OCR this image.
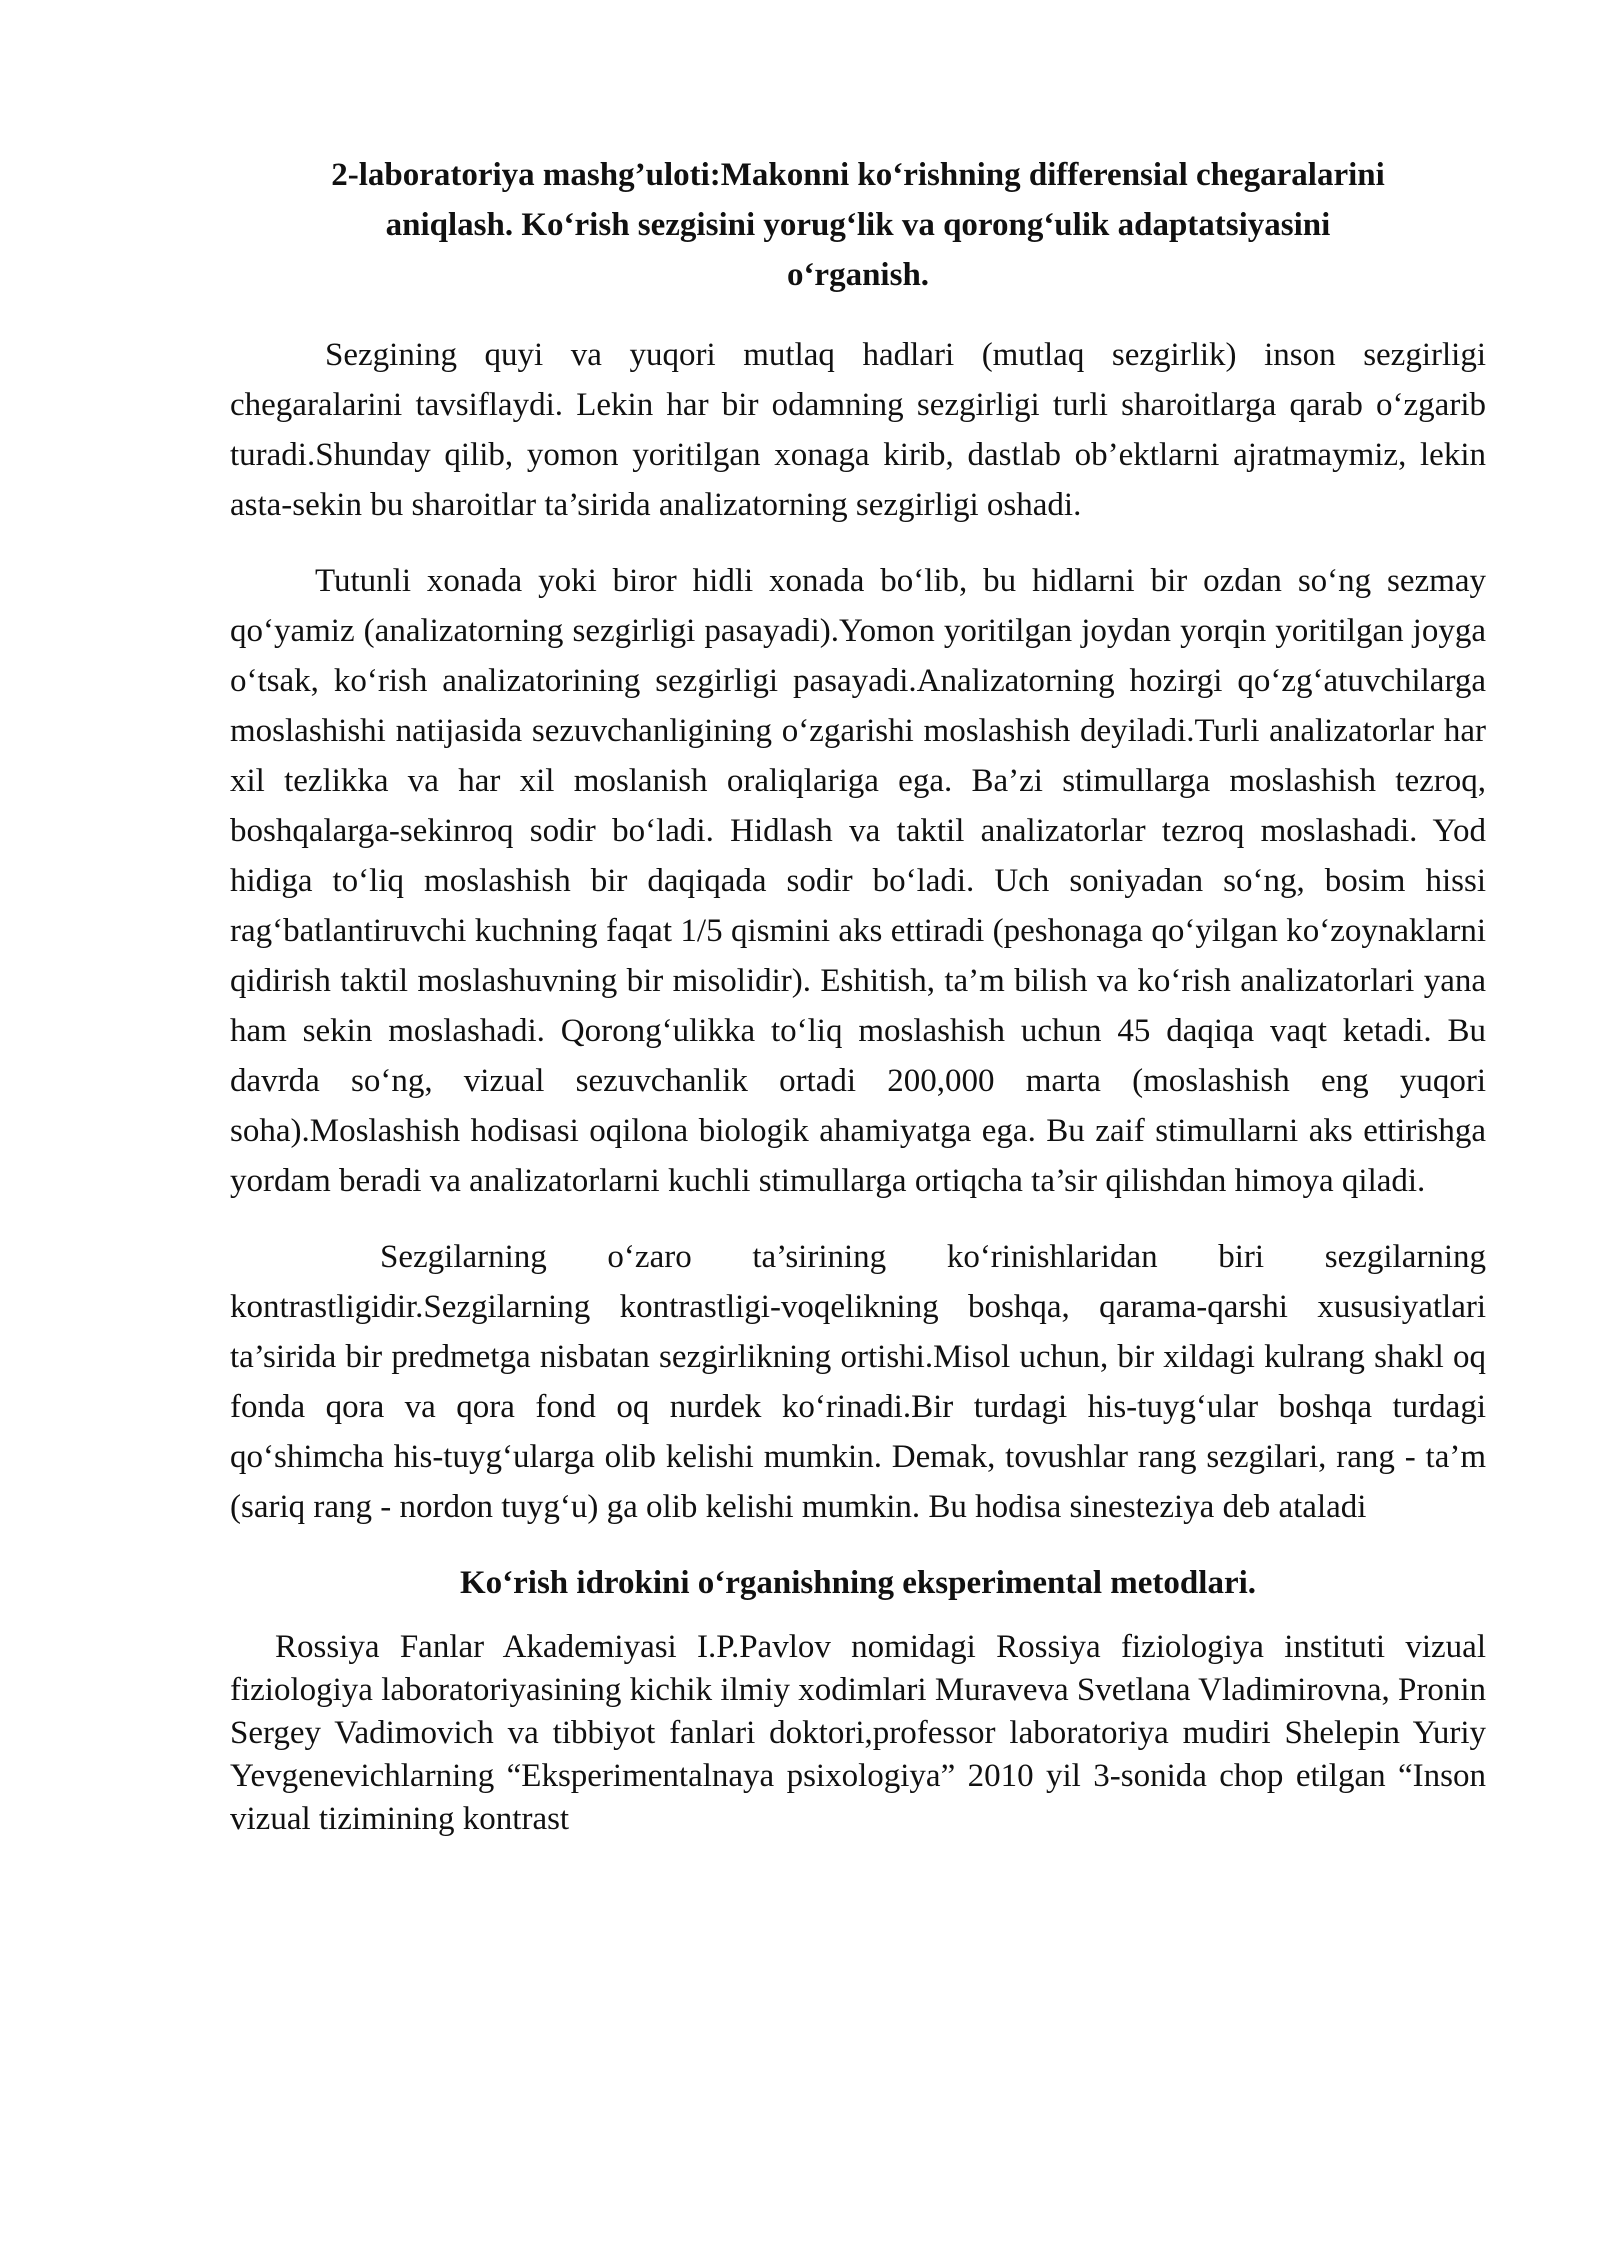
2-laboratoriya mashg’uloti:Makonni ko‘rishning differensial chegaralarini
aniqlash. Ko‘rish sezgisini yorug‘lik va qorong‘ulik adaptatsiyasini
o‘rganish.

Sezgining quyi va yuqori mutlaq hadlari (mutlaq sezgirlik) inson sezgirligi chegaralarini tavsiflaydi. Lekin har bir odamning sezgirligi turli sharoitlarga qarab o‘zgarib turadi.Shunday qilib, yomon yoritilgan xonaga kirib, dastlab ob’ektlarni ajratmaymiz, lekin asta-sekin bu sharoitlar ta’sirida analizatorning sezgirligi oshadi.

Tutunli xonada yoki biror hidli xonada bo‘lib, bu hidlarni bir ozdan so‘ng sezmay qo‘yamiz (analizatorning sezgirligi pasayadi).Yomon yoritilgan joydan yorqin yoritilgan joyga o‘tsak, ko‘rish analizatorining sezgirligi pasayadi.Analizatorning hozirgi qo‘zg‘atuvchilarga moslashishi natijasida sezuvchanligining o‘zgarishi moslashish deyiladi.Turli analizatorlar har xil tezlikka va har xil moslanish oraliqlariga ega. Ba’zi stimullarga moslashish tezroq, boshqalarga-sekinroq sodir bo‘ladi. Hidlash va taktil analizatorlar tezroq moslashadi. Yod hidiga to‘liq moslashish bir daqiqada sodir bo‘ladi. Uch soniyadan so‘ng, bosim hissi rag‘batlantiruvchi kuchning faqat 1/5 qismini aks ettiradi (peshonaga qo‘yilgan ko‘zoynaklarni qidirish taktil moslashuvning bir misolidir). Eshitish, ta’m bilish va ko‘rish analizatorlari yana ham sekin moslashadi. Qorong‘ulikka to‘liq moslashish uchun 45 daqiqa vaqt ketadi. Bu davrda so‘ng, vizual sezuvchanlik ortadi 200,000 marta (moslashish eng yuqori soha).Moslashish hodisasi oqilona biologik ahamiyatga ega. Bu zaif stimullarni aks ettirishga yordam beradi va analizatorlarni kuchli stimullarga ortiqcha ta’sir qilishdan himoya qiladi.

Sezgilarning o‘zaro ta’sirining ko‘rinishlaridan biri sezgilarning kontrastligidir.Sezgilarning kontrastligi-voqelikning boshqa, qarama-qarshi xususiyatlari ta’sirida bir predmetga nisbatan sezgirlikning ortishi.Misol uchun, bir xildagi kulrang shakl oq fonda qora va qora fond oq nurdek ko‘rinadi.Bir turdagi his-tuyg‘ular boshqa turdagi qo‘shimcha his-tuyg‘ularga olib kelishi mumkin. Demak, tovushlar rang sezgilari, rang - ta’m (sariq rang - nordon tuyg‘u) ga olib kelishi mumkin. Bu hodisa sinesteziya deb ataladi

Ko‘rish idrokini o‘rganishning eksperimental metodlari.

Rossiya Fanlar Akademiyasi I.P.Pavlov nomidagi Rossiya fiziologiya instituti vizual fiziologiya laboratoriyasining kichik ilmiy xodimlari Muraveva Svetlana Vladimirovna, Pronin Sergey Vadimovich va tibbiyot fanlari doktori,professor laboratoriya mudiri Shelepin Yuriy Yevgenevichlarning “Eksperimentalnaya psixologiya” 2010 yil 3-sonida chop etilgan “Inson vizual tizimining kontrast
